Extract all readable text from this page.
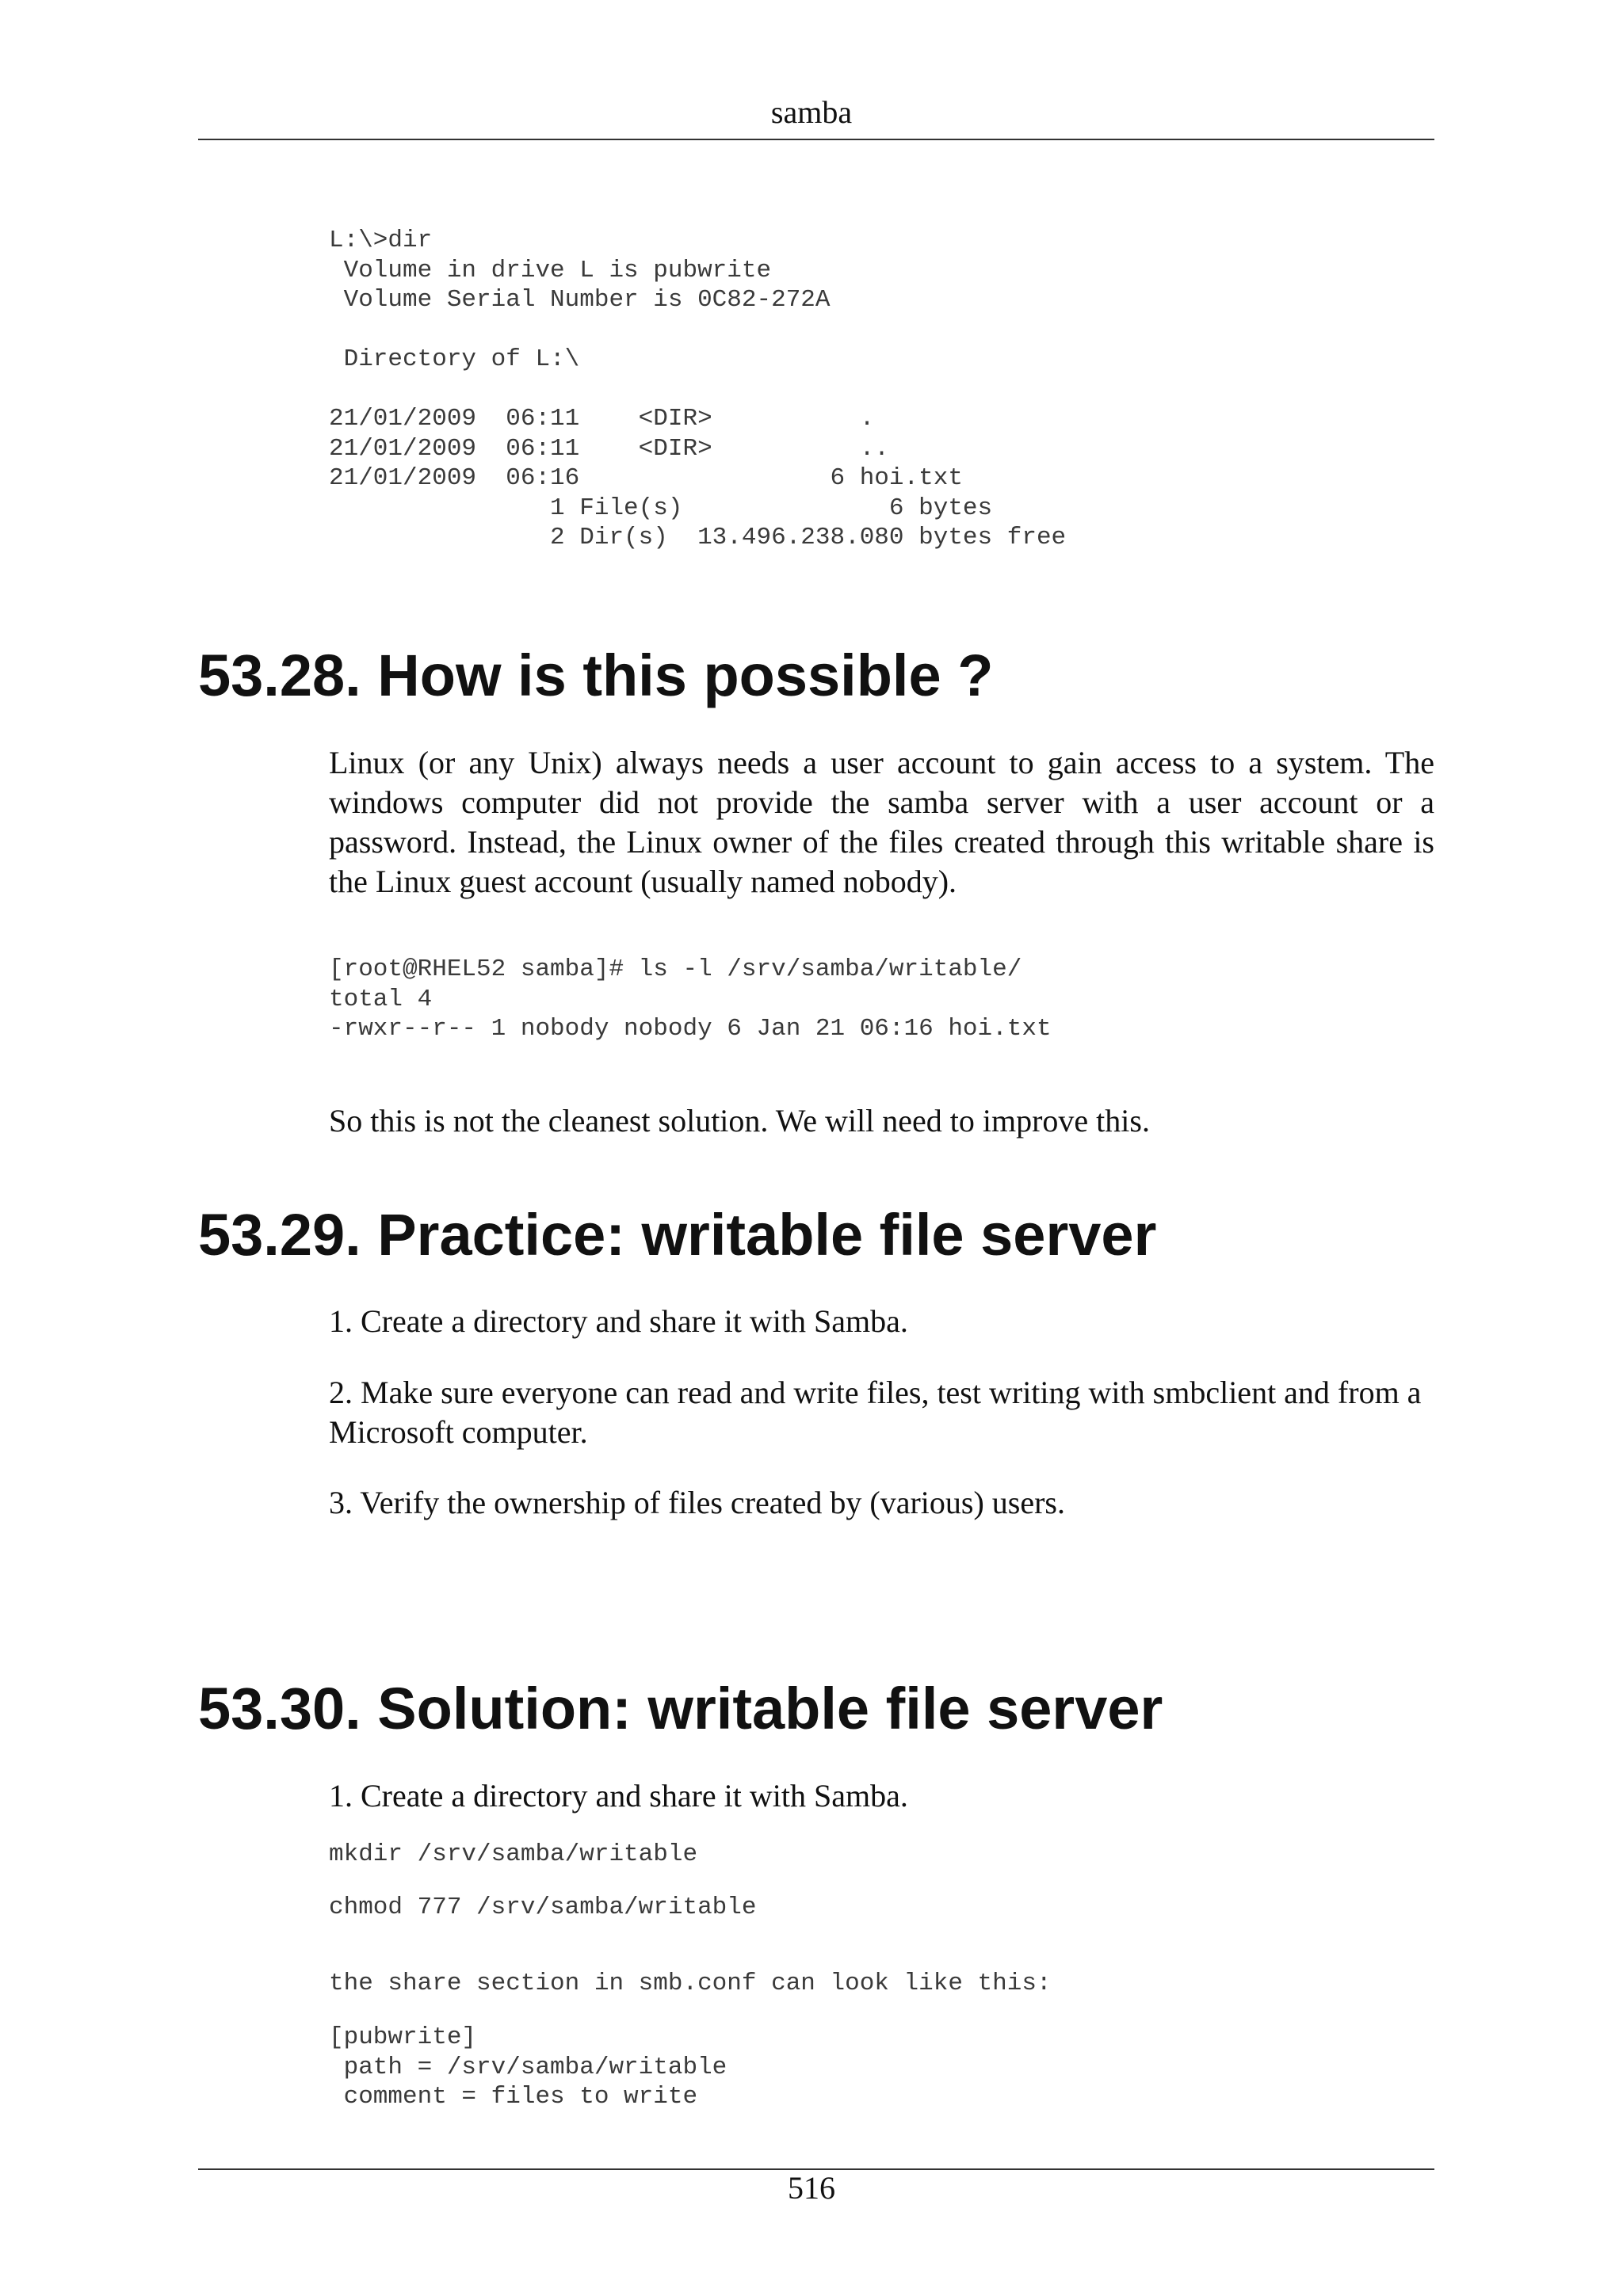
samba
L:\>dir
Volume in drive L is pubwrite
Volume Serial Number is 0C82-272A

Directory of L:\

21/01/2009  06:11    <DIR>          .
21/01/2009  06:11    <DIR>          ..
21/01/2009  06:16                 6 hoi.txt
1 File(s)              6 bytes
2 Dir(s)  13.496.238.080 bytes free
53.28. How is this possible ?

Linux (or any Unix) always needs a user account to gain access to a system. The windows computer did not provide the samba server with a user account or a password. Instead, the Linux owner of the files created through this writable share is the Linux guest account (usually named nobody).

[root@RHEL52 samba]# ls -l /srv/samba/writable/
total 4
-rwxr--r-- 1 nobody nobody 6 Jan 21 06:16 hoi.txt

So this is not the cleanest solution. We will need to improve this.

53.29. Practice: writable file server

1. Create a directory and share it with Samba.

2. Make sure everyone can read and write files, test writing with smbclient and from a Microsoft computer.

3. Verify the ownership of files created by (various) users.

53.30. Solution: writable file server

1. Create a directory and share it with Samba.

mkdir /srv/samba/writable
chmod 777 /srv/samba/writable
the share section in smb.conf can look like this:
[pubwrite]
path = /srv/samba/writable
comment = files to write
516
